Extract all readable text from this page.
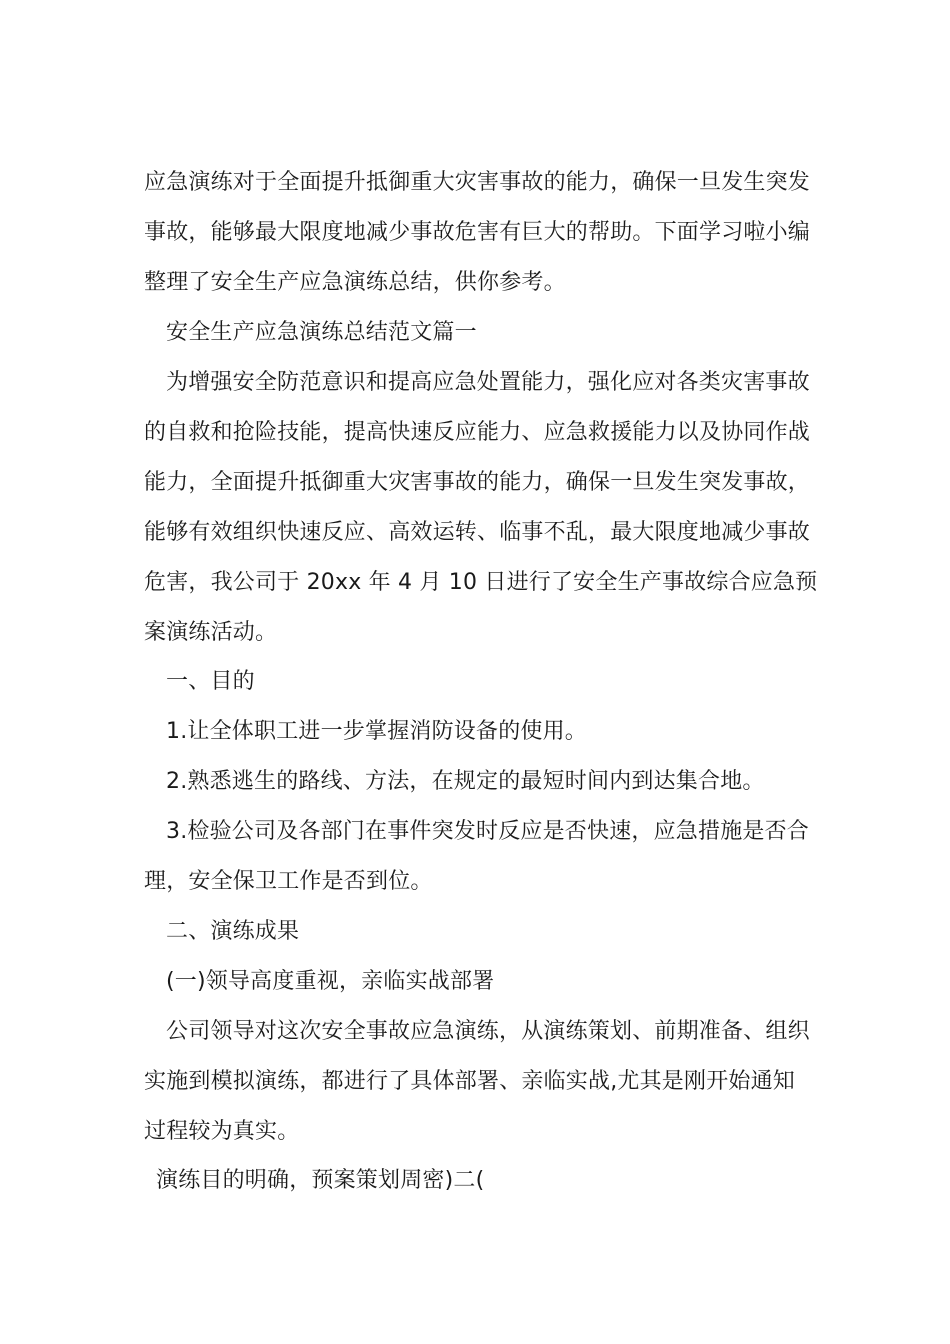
应急演练对于全面提升抵御重大灾害事故的能力，确保一旦发生突发
事故，能够最大限度地减少事故危害有巨大的帮助。下面学习啦小编
整理了安全生产应急演练总结，供你参考。
安全生产应急演练总结范文篇一
为增强安全防范意识和提高应急处置能力，强化应对各类灾害事故
的自救和抢险技能，提高快速反应能力、应急救援能力以及协同作战
能力，全面提升抵御重大灾害事故的能力，确保一旦发生突发事故，
能够有效组织快速反应、高效运转、临事不乱，最大限度地减少事故
危害，我公司于 20xx 年 4 月 10 日进行了安全生产事故综合应急预
案演练活动。
一、目的
1.让全体职工进一步掌握消防设备的使用。
2.熟悉逃生的路线、方法，在规定的最短时间内到达集合地。
3.检验公司及各部门在事件突发时反应是否快速，应急措施是否合
理，安全保卫工作是否到位。
二、演练成果
(一)领导高度重视，亲临实战部署
公司领导对这次安全事故应急演练，从演练策划、前期准备、组织
实施到模拟演练，都进行了具体部署、亲临实战,尤其是刚开始通知
过程较为真实。
演练目的明确，预案策划周密)二(
